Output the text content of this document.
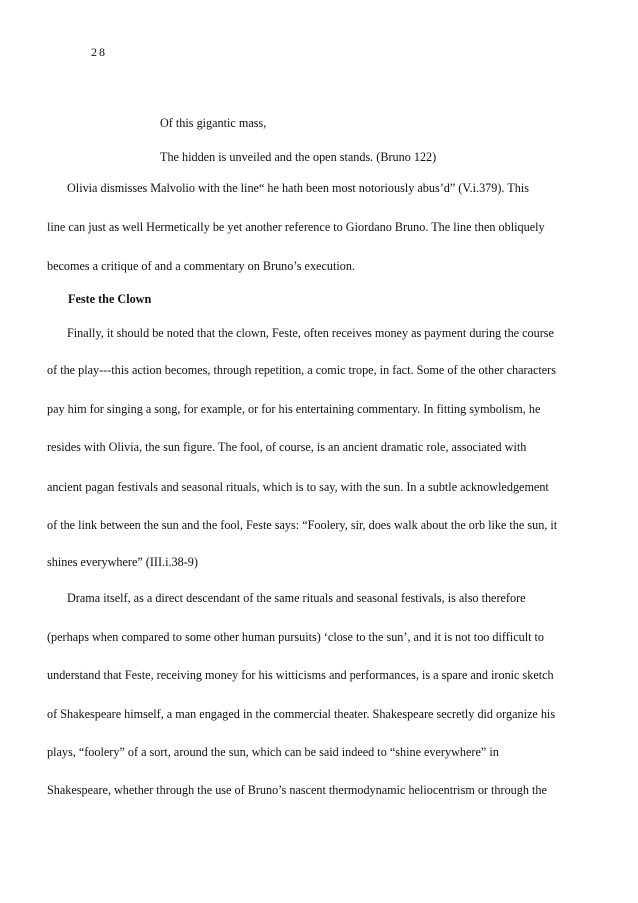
28
Of this gigantic mass,
The hidden is unveiled and the open stands. (Bruno 122)
Olivia dismisses Malvolio with the line“ he hath been most notoriously abus’d” (V.i.379). This
line can just as well Hermetically be yet another reference to Giordano Bruno. The line then obliquely
becomes a critique of and a commentary on Bruno’s execution.
Feste the Clown
Finally, it should be noted that the clown, Feste, often receives money as payment during the course
of the play---this action becomes, through repetition, a comic trope, in fact. Some of the other characters
pay him for singing a song, for example, or for his entertaining commentary. In fitting symbolism, he
resides with Olivia, the sun figure. The fool, of course, is an ancient dramatic role, associated with
ancient pagan festivals and seasonal rituals, which is to say, with the sun. In a subtle acknowledgement
of the link between the sun and the fool, Feste says: “Foolery, sir, does walk about the orb like the sun, it
shines everywhere” (III.i.38-9)
Drama itself, as a direct descendant of the same rituals and seasonal festivals, is also therefore
(perhaps when compared to some other human pursuits) ‘close to the sun’, and it is not too difficult to
understand that Feste, receiving money for his witticisms and performances, is a spare and ironic sketch
of Shakespeare himself, a man engaged in the commercial theater. Shakespeare secretly did organize his
plays, “foolery” of a sort, around the sun, which can be said indeed to “shine everywhere” in
Shakespeare, whether through the use of Bruno’s nascent thermodynamic heliocentrism or through the
